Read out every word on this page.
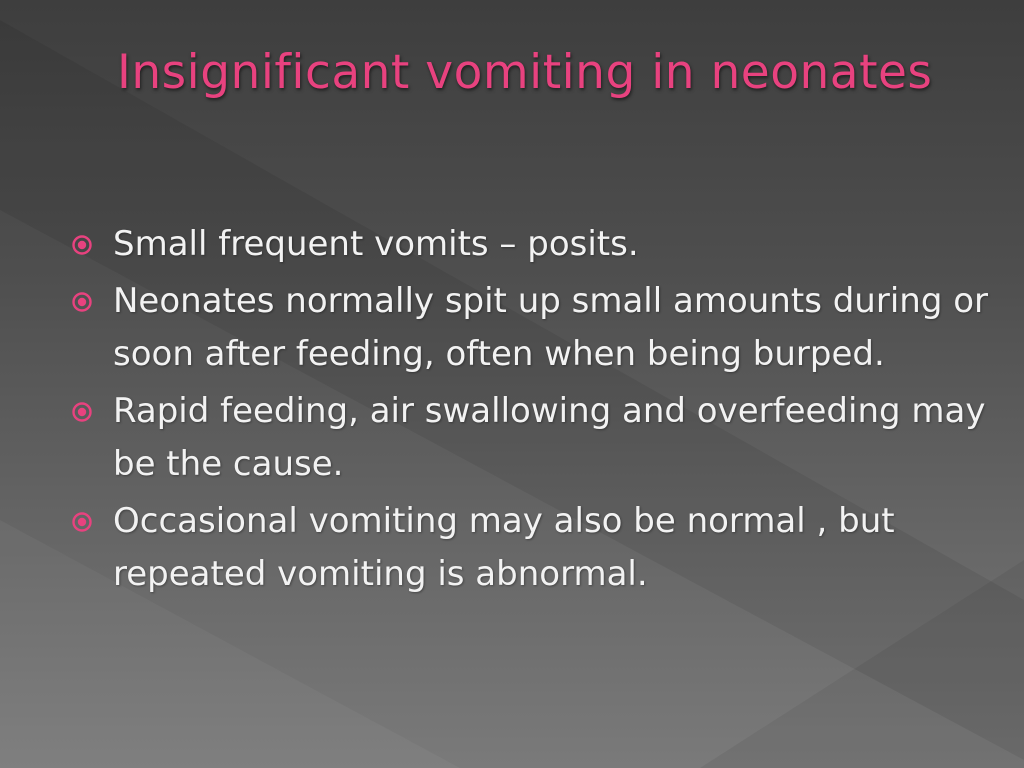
Insignificant vomiting in neonates
Small frequent vomits – posits.
Neonates normally spit up small amounts during or soon after feeding, often when being burped.
Rapid feeding, air swallowing and overfeeding may be the cause.
Occasional vomiting may also be normal , but repeated vomiting is abnormal.
